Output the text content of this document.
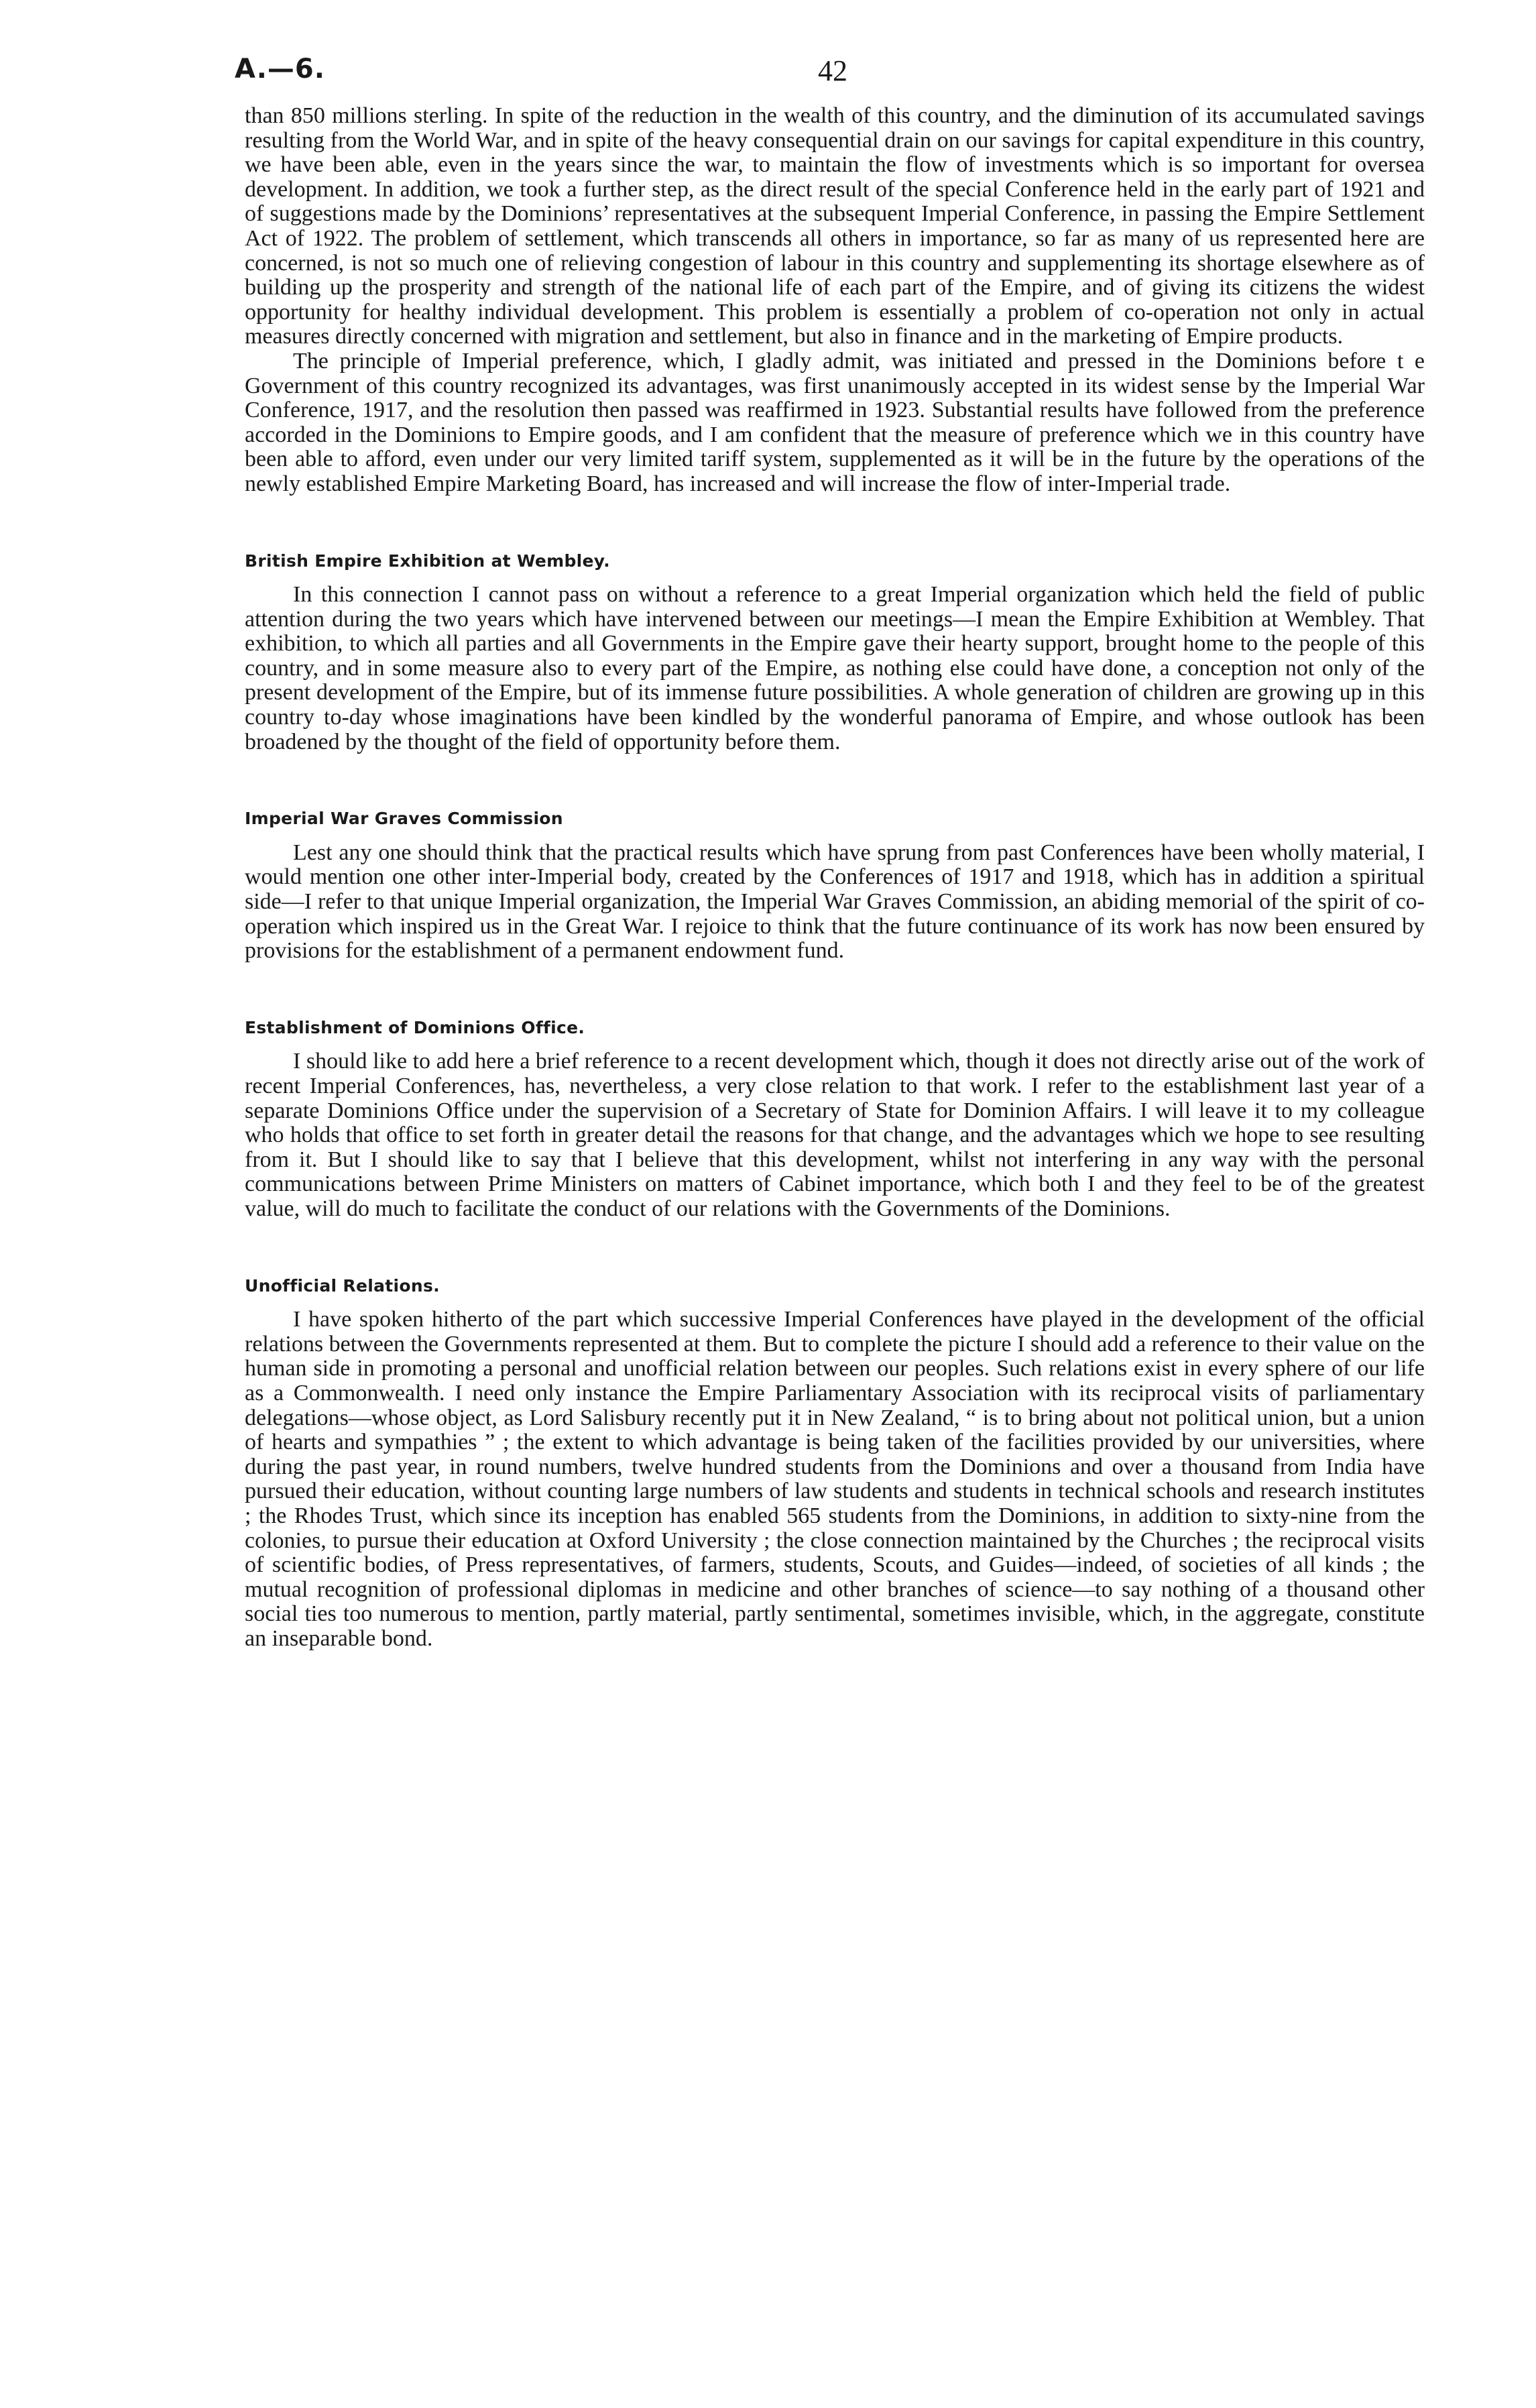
A.—6.	42

than 850 millions sterling. In spite of the reduction in the wealth of this country, and the diminution of its accumulated savings resulting from the World War, and in spite of the heavy consequential drain on our savings for capital expenditure in this country, we have been able, even in the years since the war, to maintain the flow of investments which is so important for oversea development. In addition, we took a further step, as the direct result of the special Conference held in the early part of 1921 and of suggestions made by the Dominions’ representatives at the subsequent Imperial Conference, in passing the Empire Settlement Act of 1922. The problem of settlement, which transcends all others in importance, so far as many of us represented here are concerned, is not so much one of relieving congestion of labour in this country and supplementing its shortage elsewhere as of building up the prosperity and strength of the national life of each part of the Empire, and of giving its citizens the widest opportunity for healthy individual development. This problem is essentially a problem of co-operation not only in actual measures directly concerned with migration and settlement, but also in finance and in the marketing of Empire products.

The principle of Imperial preference, which, I gladly admit, was initiated and pressed in the Dominions before t e Government of this country recognized its advantages, was first unanimously accepted in its widest sense by the Imperial War Conference, 1917, and the resolution then passed was reaffirmed in 1923. Substantial results have followed from the preference accorded in the Dominions to Empire goods, and I am confident that the measure of preference which we in this country have been able to afford, even under our very limited tariff system, supplemented as it will be in the future by the operations of the newly established Empire Marketing Board, has increased and will increase the flow of inter-Imperial trade.

British Empire Exhibition at Wembley.

In this connection I cannot pass on without a reference to a great Imperial organization which held the field of public attention during the two years which have intervened between our meetings—I mean the Empire Exhibition at Wembley. That exhibition, to which all parties and all Governments in the Empire gave their hearty support, brought home to the people of this country, and in some measure also to every part of the Empire, as nothing else could have done, a conception not only of the present development of the Empire, but of its immense future possibilities. A whole generation of children are growing up in this country to-day whose imaginations have been kindled by the wonderful panorama of Empire, and whose outlook has been broadened by the thought of the field of opportunity before them.

Imperial War Graves Commission

Lest any one should think that the practical results which have sprung from past Conferences have been wholly material, I would mention one other inter-Imperial body, created by the Conferences of 1917 and 1918, which has in addition a spiritual side—I refer to that unique Imperial organization, the Imperial War Graves Commission, an abiding memorial of the spirit of co-operation which inspired us in the Great War. I rejoice to think that the future continuance of its work has now been ensured by provisions for the establishment of a permanent endowment fund.

Establishment of Dominions Office.

I should like to add here a brief reference to a recent development which, though it does not directly arise out of the work of recent Imperial Conferences, has, nevertheless, a very close relation to that work. I refer to the establishment last year of a separate Dominions Office under the supervision of a Secretary of State for Dominion Affairs. I will leave it to my colleague who holds that office to set forth in greater detail the reasons for that change, and the advantages which we hope to see resulting from it. But I should like to say that I believe that this development, whilst not interfering in any way with the personal communications between Prime Ministers on matters of Cabinet importance, which both I and they feel to be of the greatest value, will do much to facilitate the conduct of our relations with the Governments of the Dominions.

Unofficial Relations.

I have spoken hitherto of the part which successive Imperial Conferences have played in the development of the official relations between the Governments represented at them. But to complete the picture I should add a reference to their value on the human side in promoting a personal and unofficial relation between our peoples. Such relations exist in every sphere of our life as a Commonwealth. I need only instance the Empire Parliamentary Association with its reciprocal visits of parliamentary delegations—whose object, as Lord Salisbury recently put it in New Zealand, “ is to bring about not political union, but a union of hearts and sympathies ” ; the extent to which advantage is being taken of the facilities provided by our universities, where during the past year, in round numbers, twelve hundred students from the Dominions and over a thousand from India have pursued their education, without counting large numbers of law students and students in technical schools and research institutes ; the Rhodes Trust, which since its inception has enabled 565 students from the Dominions, in addition to sixty-nine from the colonies, to pursue their education at Oxford University ; the close connection maintained by the Churches ; the reciprocal visits of scientific bodies, of Press representatives, of farmers, students, Scouts, and Guides—indeed, of societies of all kinds ; the mutual recognition of professional diplomas in medicine and other branches of science—to say nothing of a thousand other social ties too numerous to mention, partly material, partly sentimental, sometimes invisible, which, in the aggregate, constitute an inseparable bond.
